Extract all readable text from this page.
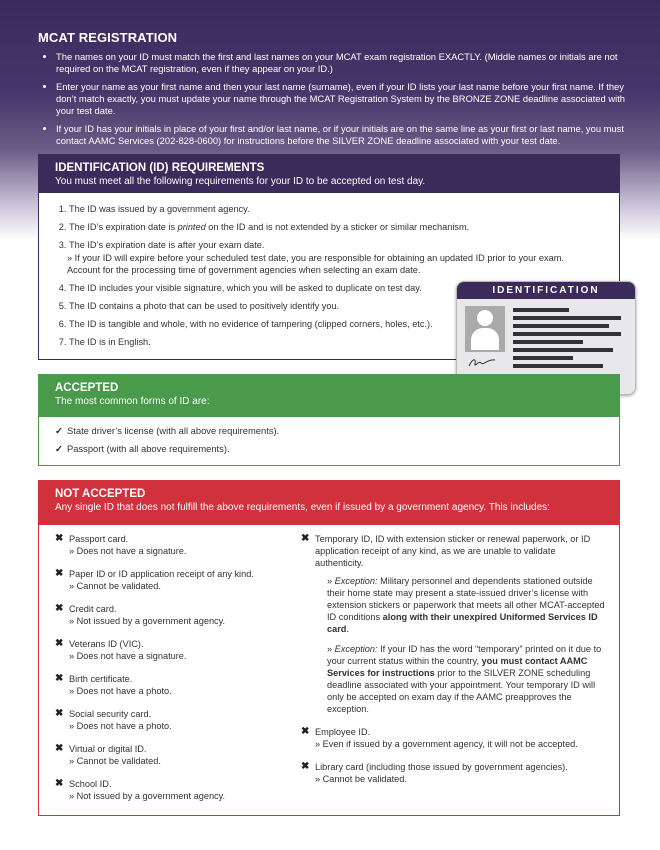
MCAT REGISTRATION
• The names on your ID must match the first and last names on your MCAT exam registration EXACTLY. (Middle names or initials are not required on the MCAT registration, even if they appear on your ID.)
• Enter your name as your first name and then your last name (surname), even if your ID lists your last name before your first name. If they don’t match exactly, you must update your name through the MCAT Registration System by the BRONZE ZONE deadline associated with your test date.
• If your ID has your initials in place of your first and/or last name, or if your initials are on the same line as your first or last name, you must contact AAMC Services (202-828-0600) for instructions before the SILVER ZONE deadline associated with your test date.
IDENTIFICATION (ID) REQUIREMENTS
You must meet all the following requirements for your ID to be accepted on test day.
1. The ID was issued by a government agency.
2. The ID’s expiration date is printed on the ID and is not extended by a sticker or similar mechanism.
3. The ID’s expiration date is after your exam date.
» If your ID will expire before your scheduled test date, you are responsible for obtaining an updated ID prior to your exam. Account for the processing time of government agencies when selecting an exam date.
4. The ID includes your visible signature, which you will be asked to duplicate on test day.
5. The ID contains a photo that can be used to positively identify you.
6. The ID is tangible and whole, with no evidence of tampering (clipped corners, holes, etc.).
7. The ID is in English.
IDENTIFICATION
ACCEPTED
The most common forms of ID are:
✓ State driver’s license (with all above requirements).
✓ Passport (with all above requirements).
NOT ACCEPTED
Any single ID that does not fulfill the above requirements, even if issued by a government agency. This includes:
✖ Passport card.
» Does not have a signature.
✖ Paper ID or ID application receipt of any kind.
» Cannot be validated.
✖ Credit card.
» Not issued by a government agency.
✖ Veterans ID (VIC).
» Does not have a signature.
✖ Birth certificate.
» Does not have a photo.
✖ Social security card.
» Does not have a photo.
✖ Virtual or digital ID.
» Cannot be validated.
✖ School ID.
» Not issued by a government agency.
✖ Temporary ID, ID with extension sticker or renewal paperwork, or ID application receipt of any kind, as we are unable to validate authenticity.
» Exception: Military personnel and dependents stationed outside their home state may present a state-issued driver’s license with extension stickers or paperwork that meets all other MCAT-accepted ID conditions along with their unexpired Uniformed Services ID card.
» Exception: If your ID has the word “temporary” printed on it due to your current status within the country, you must contact AAMC Services for instructions prior to the SILVER ZONE scheduling deadline associated with your appointment. Your temporary ID will only be accepted on exam day if the AAMC preapproves the exception.
✖ Employee ID.
» Even if issued by a government agency, it will not be accepted.
✖ Library card (including those issued by government agencies).
» Cannot be validated.
